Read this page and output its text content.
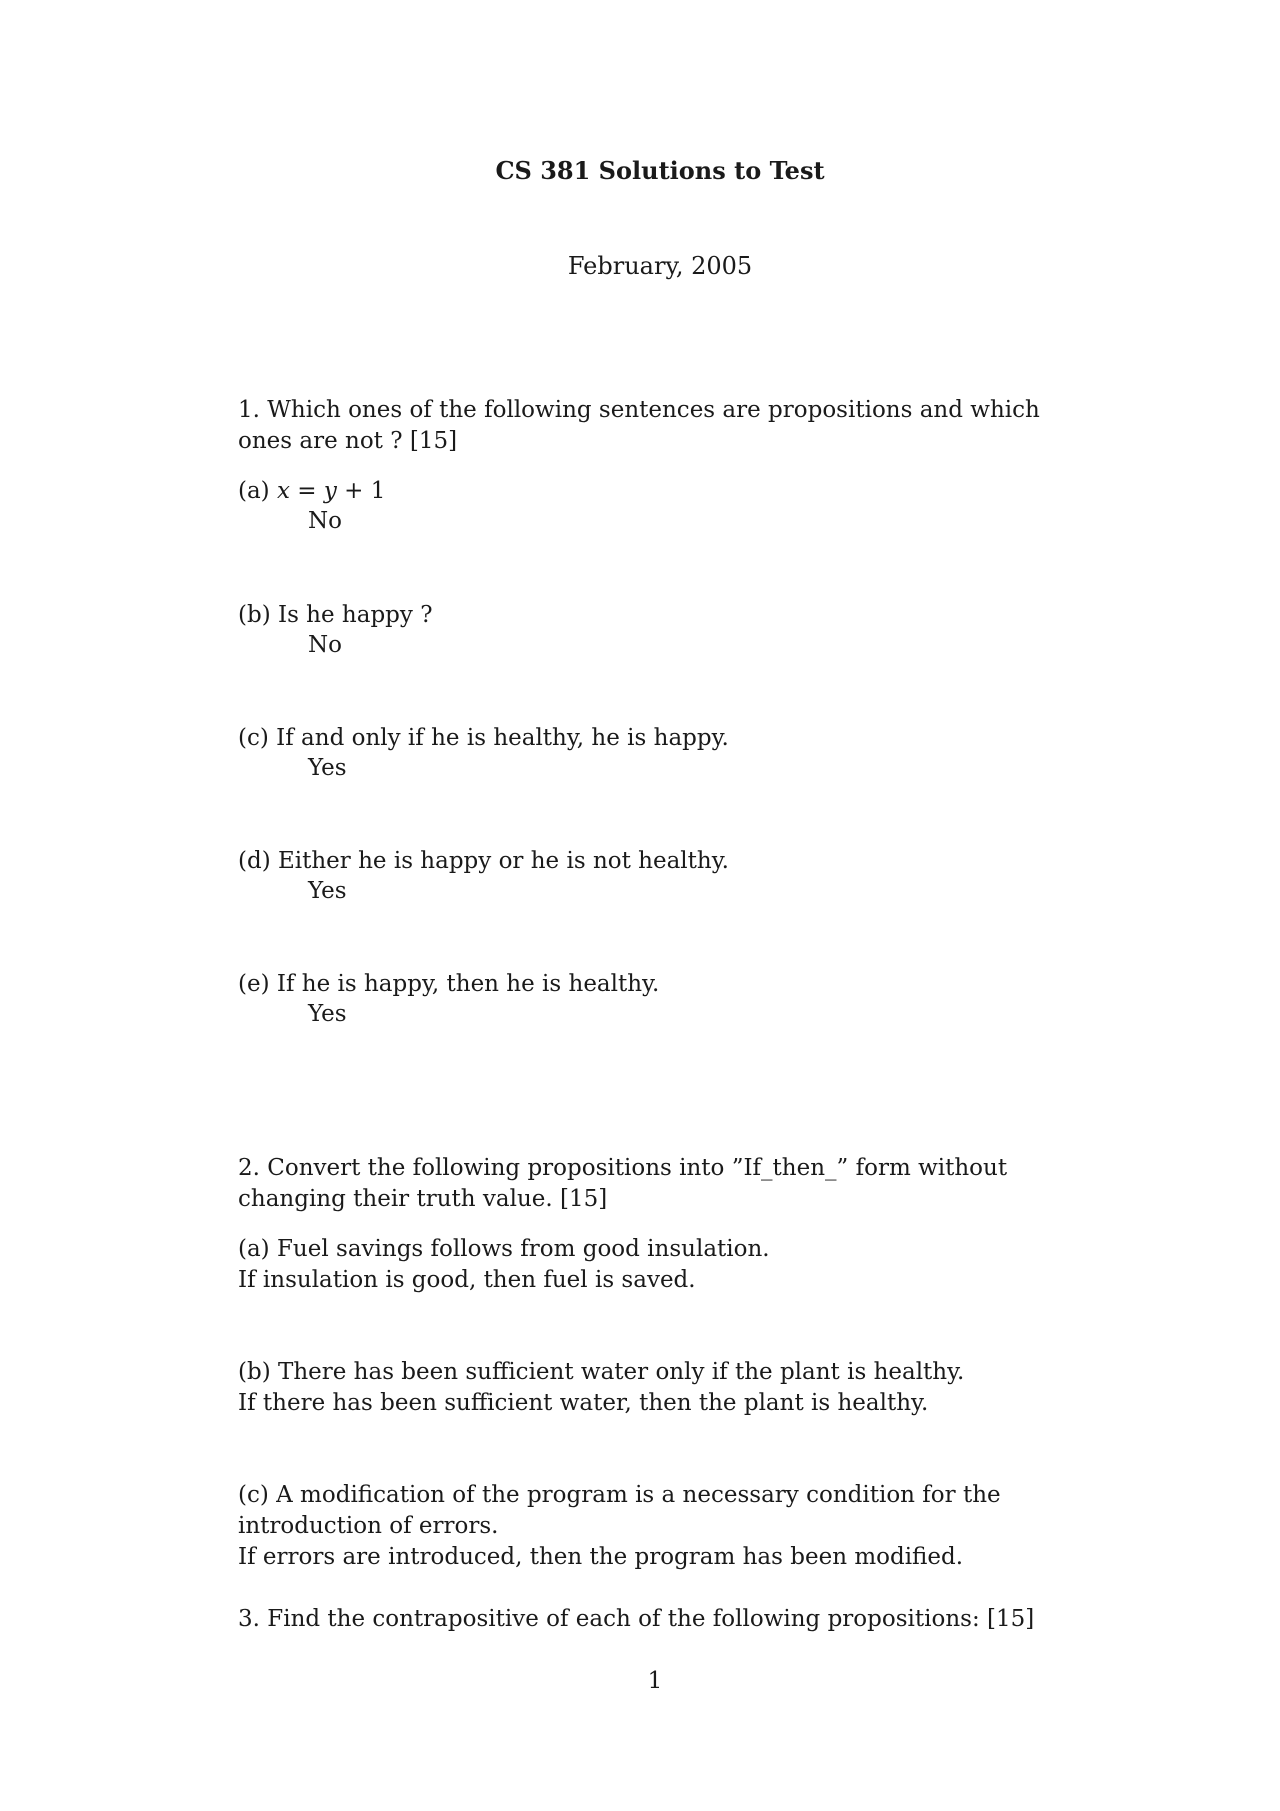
CS 381 Solutions to Test
February, 2005
1. Which ones of the following sentences are propositions and which ones are not ? [15]
(a) x = y + 1
No
(b) Is he happy ?
No
(c) If and only if he is healthy, he is happy.
Yes
(d) Either he is happy or he is not healthy.
Yes
(e) If he is happy, then he is healthy.
Yes
2. Convert the following propositions into ”If_then_” form without changing their truth value. [15]
(a) Fuel savings follows from good insulation.
If insulation is good, then fuel is saved.
(b) There has been sufficient water only if the plant is healthy.
If there has been sufficient water, then the plant is healthy.
(c) A modification of the program is a necessary condition for the introduction of errors.
If errors are introduced, then the program has been modified.
3. Find the contrapositive of each of the following propositions: [15]
1
